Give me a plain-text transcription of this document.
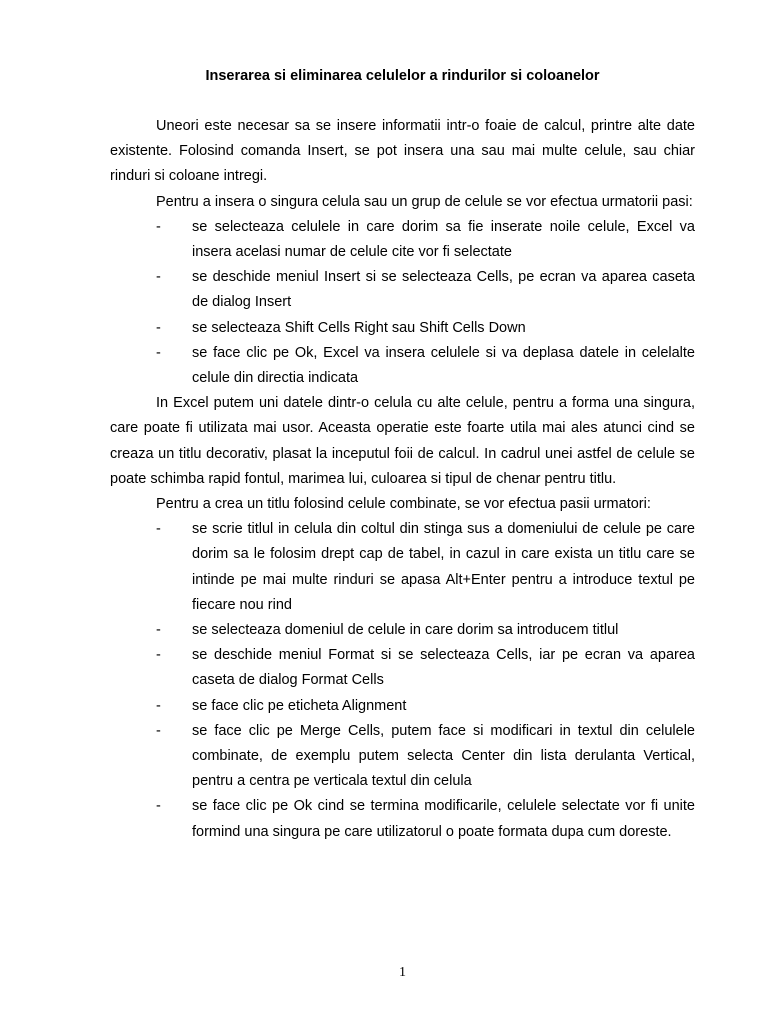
Inserarea si eliminarea celulelor a rindurilor si coloanelor

Uneori este necesar sa se insere informatii intr-o foaie de calcul, printre alte date existente. Folosind comanda Insert, se pot insera una sau mai multe celule, sau chiar rinduri si coloane intregi.

Pentru a insera o singura celula sau un grup de celule se vor efectua urmatorii pasi:

- se selecteaza celulele in care dorim sa fie inserate noile celule, Excel va insera acelasi numar de celule cite vor fi selectate
- se deschide meniul Insert si se selecteaza Cells, pe ecran va aparea caseta de dialog Insert
- se selecteaza Shift Cells Right sau Shift Cells Down
- se face clic pe Ok, Excel va insera celulele si va deplasa datele in celelalte celule din directia indicata

In Excel putem uni datele dintr-o celula cu alte celule, pentru a forma una singura, care poate fi utilizata mai usor. Aceasta operatie este foarte utila mai ales atunci cind se creaza un titlu decorativ, plasat la inceputul foii de calcul. In cadrul unei astfel de celule se poate schimba rapid fontul, marimea lui, culoarea si tipul de chenar pentru titlu.

Pentru a crea un titlu folosind celule combinate, se vor efectua pasii urmatori:

- se scrie titlul in celula din coltul din stinga sus a domeniului de celule pe care dorim sa le folosim drept cap de tabel, in cazul in care exista un titlu care se intinde pe mai multe rinduri se apasa Alt+Enter pentru a introduce textul pe fiecare nou rind
- se selecteaza domeniul de celule in care dorim sa introducem titlul
- se deschide meniul Format si se selecteaza Cells, iar pe ecran va aparea caseta de dialog Format Cells
- se face clic pe eticheta Alignment
- se face clic pe Merge Cells, putem face si modificari in textul din celulele combinate, de exemplu putem selecta Center din lista derulanta Vertical, pentru a centra pe verticala textul din celula
- se face clic pe Ok cind se termina modificarile, celulele selectate vor fi unite formind una singura pe care utilizatorul o poate formata dupa cum doreste.
1
